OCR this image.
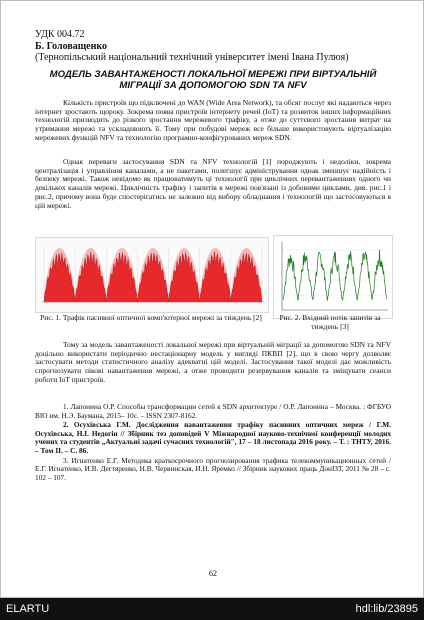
УДК 004.72
Б. Головащенко
(Тернопільський національний технічний університет імені Івана Пулюя)
МОДЕЛЬ ЗАВАНТАЖЕНОСТІ ЛОКАЛЬНОЇ МЕРЕЖІ ПРИ ВІРТУАЛЬНІЙ МІГРАЦІЇ ЗА ДОПОМОГОЮ SDN ТА NFV
Кількість пристроїв що підключені до WAN (Wide Area Network), та обсяг послуг які надаються через інтернет зростають щороку. Зокрема поява пристроїв інтернету речей (IoT) та розвиток інших інформаційних технологій призводить до різкого зростання мережевого трафіку, а отже до суттєвого зростання витрат на утримання мережі та ускладнюють її. Тому при побудові мереж все більше використовують віртуалізацію мережевих функцій NFV та технологію програмно-конфігурованих мереж SDN.
Однак переваги застосування SDN та NFV технологій [1] породжують і недоліки, зокрема централізація і управління каналами, а не пакетами, полегшує адміністрування однак зменшує надійність і безпеку мережі. Також невідомо як працюватимуть ці технології при циклічних перевантаженнях одного чи декількох каналів мережі. Циклічність трафіку і запитів в мережі пов'язані із добовими циклами, див. рис.1 і рис.2, причому вона буде спостерігатись не залежно від вибору обладнання і технологій що застосовуються в цій мережі.
Рис. 1. Трафік пасивної оптичної комп'ютерної мережі за тиждень [2]	Рис. 2. Вхідний потік запитів за тиждень [3]
Тому за модель завантаженості локальної мережі при віртуальній міграції за допомогою SDN та NFV доцільно використати періодично нестаціонарну модель у вигляді ПКВП [2], що в свою чергу дозволяє застосувати методи статистичного аналізу адекватні цій моделі. Застосування такої моделі дає можливість спрогнозувати пікові навантаження мережі, а отже проводити резервування каналів та зміщувати сеанси роботи IoT пристроїв.
1. Лапонина О.Р. Способы трансформации сетей к SDN архитектуре / О.Р. Лапонина – Москва. : ФГБУО ВІО им. Н.Э. Баумана, 2015– 10с. – ISSN 2307-8162.
2. Осухівська Г.М. Дослідження навантаження трафіку пасивних оптичних мереж / Г.М. Осухівська, Н.І. Недогін // Збірник тез доповідей V Міжнародної науково-технічної конференції молодих учених та студентів „Актуальні задачі сучасних технологій", 17 – 18 листопада 2016 року. – Т. : ТНТУ, 2016. – Том ІІ. – С. 86.
3. Игнатенко Е.Г. Методика краткосрочного прогнозирования трафика телекоммуникационных сетей / Е.Г. Игнатенко, И.В. Дегтяренко, Н.В. Червинская, И.Н. Яремко // Збірник наукових праць ДонІЗТ, 2011 № 28 – с. 102 – 107.
62
ELARTU	hdl:lib/23895
